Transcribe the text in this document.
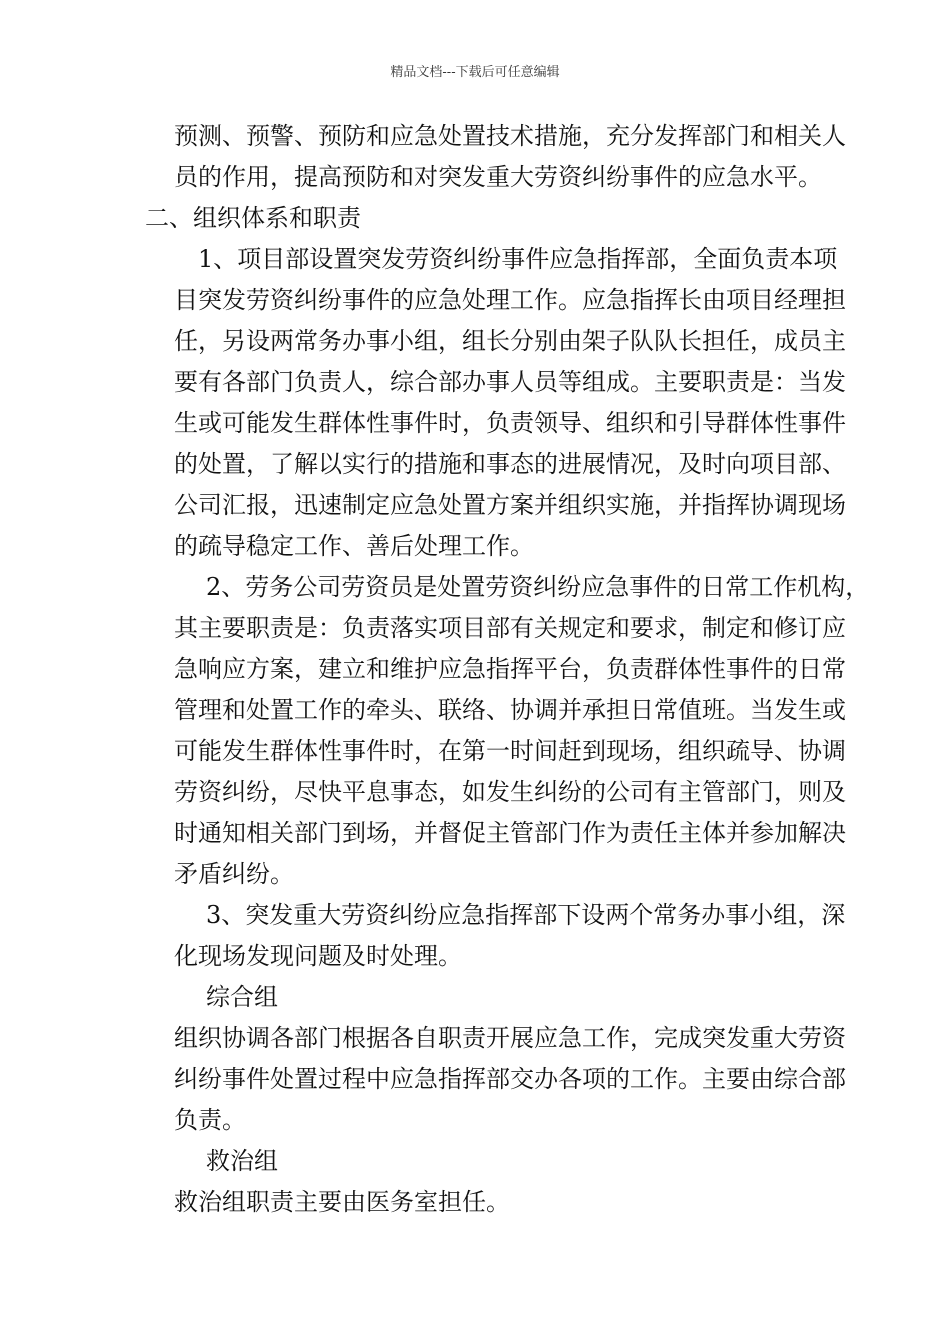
精品文档---下载后可任意编辑
预测、预警、预防和应急处置技术措施，充分发挥部门和相关人
员的作用，提高预防和对突发重大劳资纠纷事件的应急水平。
二、组织体系和职责
1、项目部设置突发劳资纠纷事件应急指挥部，全面负责本项
目突发劳资纠纷事件的应急处理工作。应急指挥长由项目经理担
任，另设两常务办事小组，组长分别由架子队队长担任，成员主
要有各部门负责人，综合部办事人员等组成。主要职责是：当发
生或可能发生群体性事件时，负责领导、组织和引导群体性事件
的处置，了解以实行的措施和事态的进展情况，及时向项目部、
公司汇报，迅速制定应急处置方案并组织实施，并指挥协调现场
的疏导稳定工作、善后处理工作。
2、劳务公司劳资员是处置劳资纠纷应急事件的日常工作机构，
其主要职责是：负责落实项目部有关规定和要求，制定和修订应
急响应方案，建立和维护应急指挥平台，负责群体性事件的日常
管理和处置工作的牵头、联络、协调并承担日常值班。当发生或
可能发生群体性事件时，在第一时间赶到现场，组织疏导、协调
劳资纠纷，尽快平息事态，如发生纠纷的公司有主管部门，则及
时通知相关部门到场，并督促主管部门作为责任主体并参加解决
矛盾纠纷。
3、突发重大劳资纠纷应急指挥部下设两个常务办事小组，深
化现场发现问题及时处理。
综合组
组织协调各部门根据各自职责开展应急工作，完成突发重大劳资
纠纷事件处置过程中应急指挥部交办各项的工作。主要由综合部
负责。
救治组
救治组职责主要由医务室担任。
